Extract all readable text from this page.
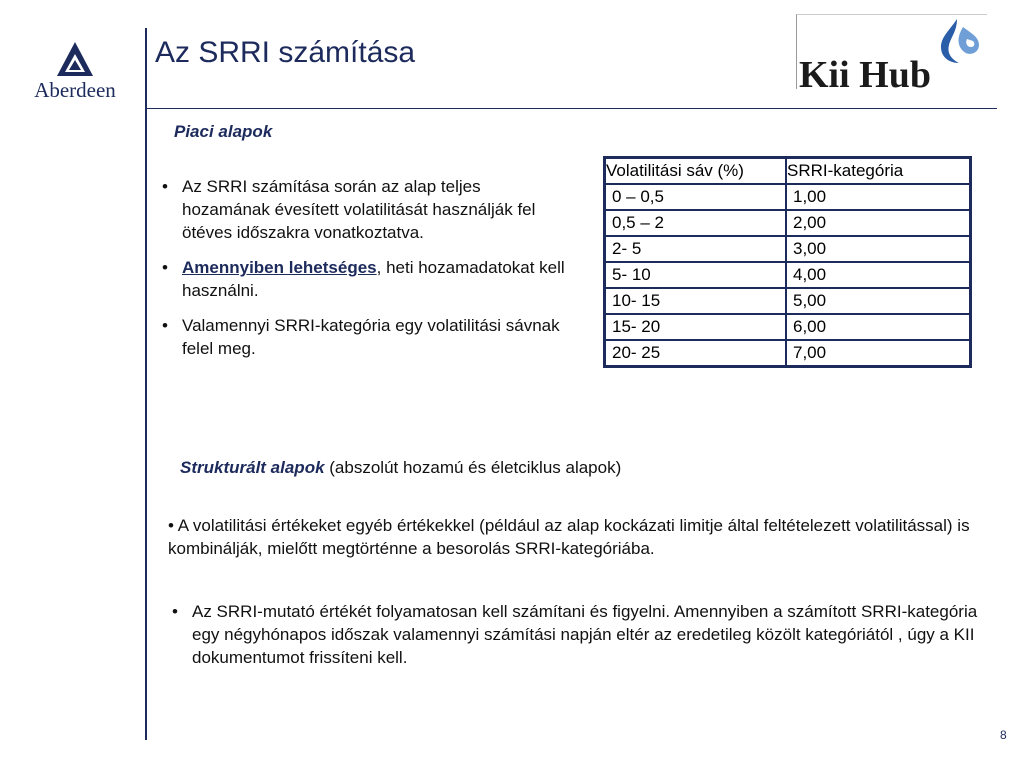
Aberdeen
Az SRRI számítása
Kii Hub
Piaci alapok
• Az SRRI számítása során az alap teljes hozamának évesített volatilitását használják fel ötéves időszakra vonatkoztatva.
• Amennyiben lehetséges, heti hozamadatokat kell használni.
• Valamennyi SRRI-kategória egy volatilitási sávnak felel meg.
Volatilitási sáv (%)	SRRI-kategória
0 – 0,5	1,00
0,5 – 2	2,00
2- 5	3,00
5- 10	4,00
10- 15	5,00
15- 20	6,00
20- 25	7,00
Strukturált alapok (abszolút hozamú és életciklus alapok)
• A volatilitási értékeket egyéb értékekkel (például az alap kockázati limitje által feltételezett volatilitással) is kombinálják, mielőtt megtörténne a besorolás SRRI-kategóriába.
• Az SRRI-mutató értékét folyamatosan kell számítani és figyelni. Amennyiben a számított SRRI-kategória egy négyhónapos időszak valamennyi számítási napján eltér az eredetileg közölt kategóriától , úgy a KII dokumentumot frissíteni kell.
8
